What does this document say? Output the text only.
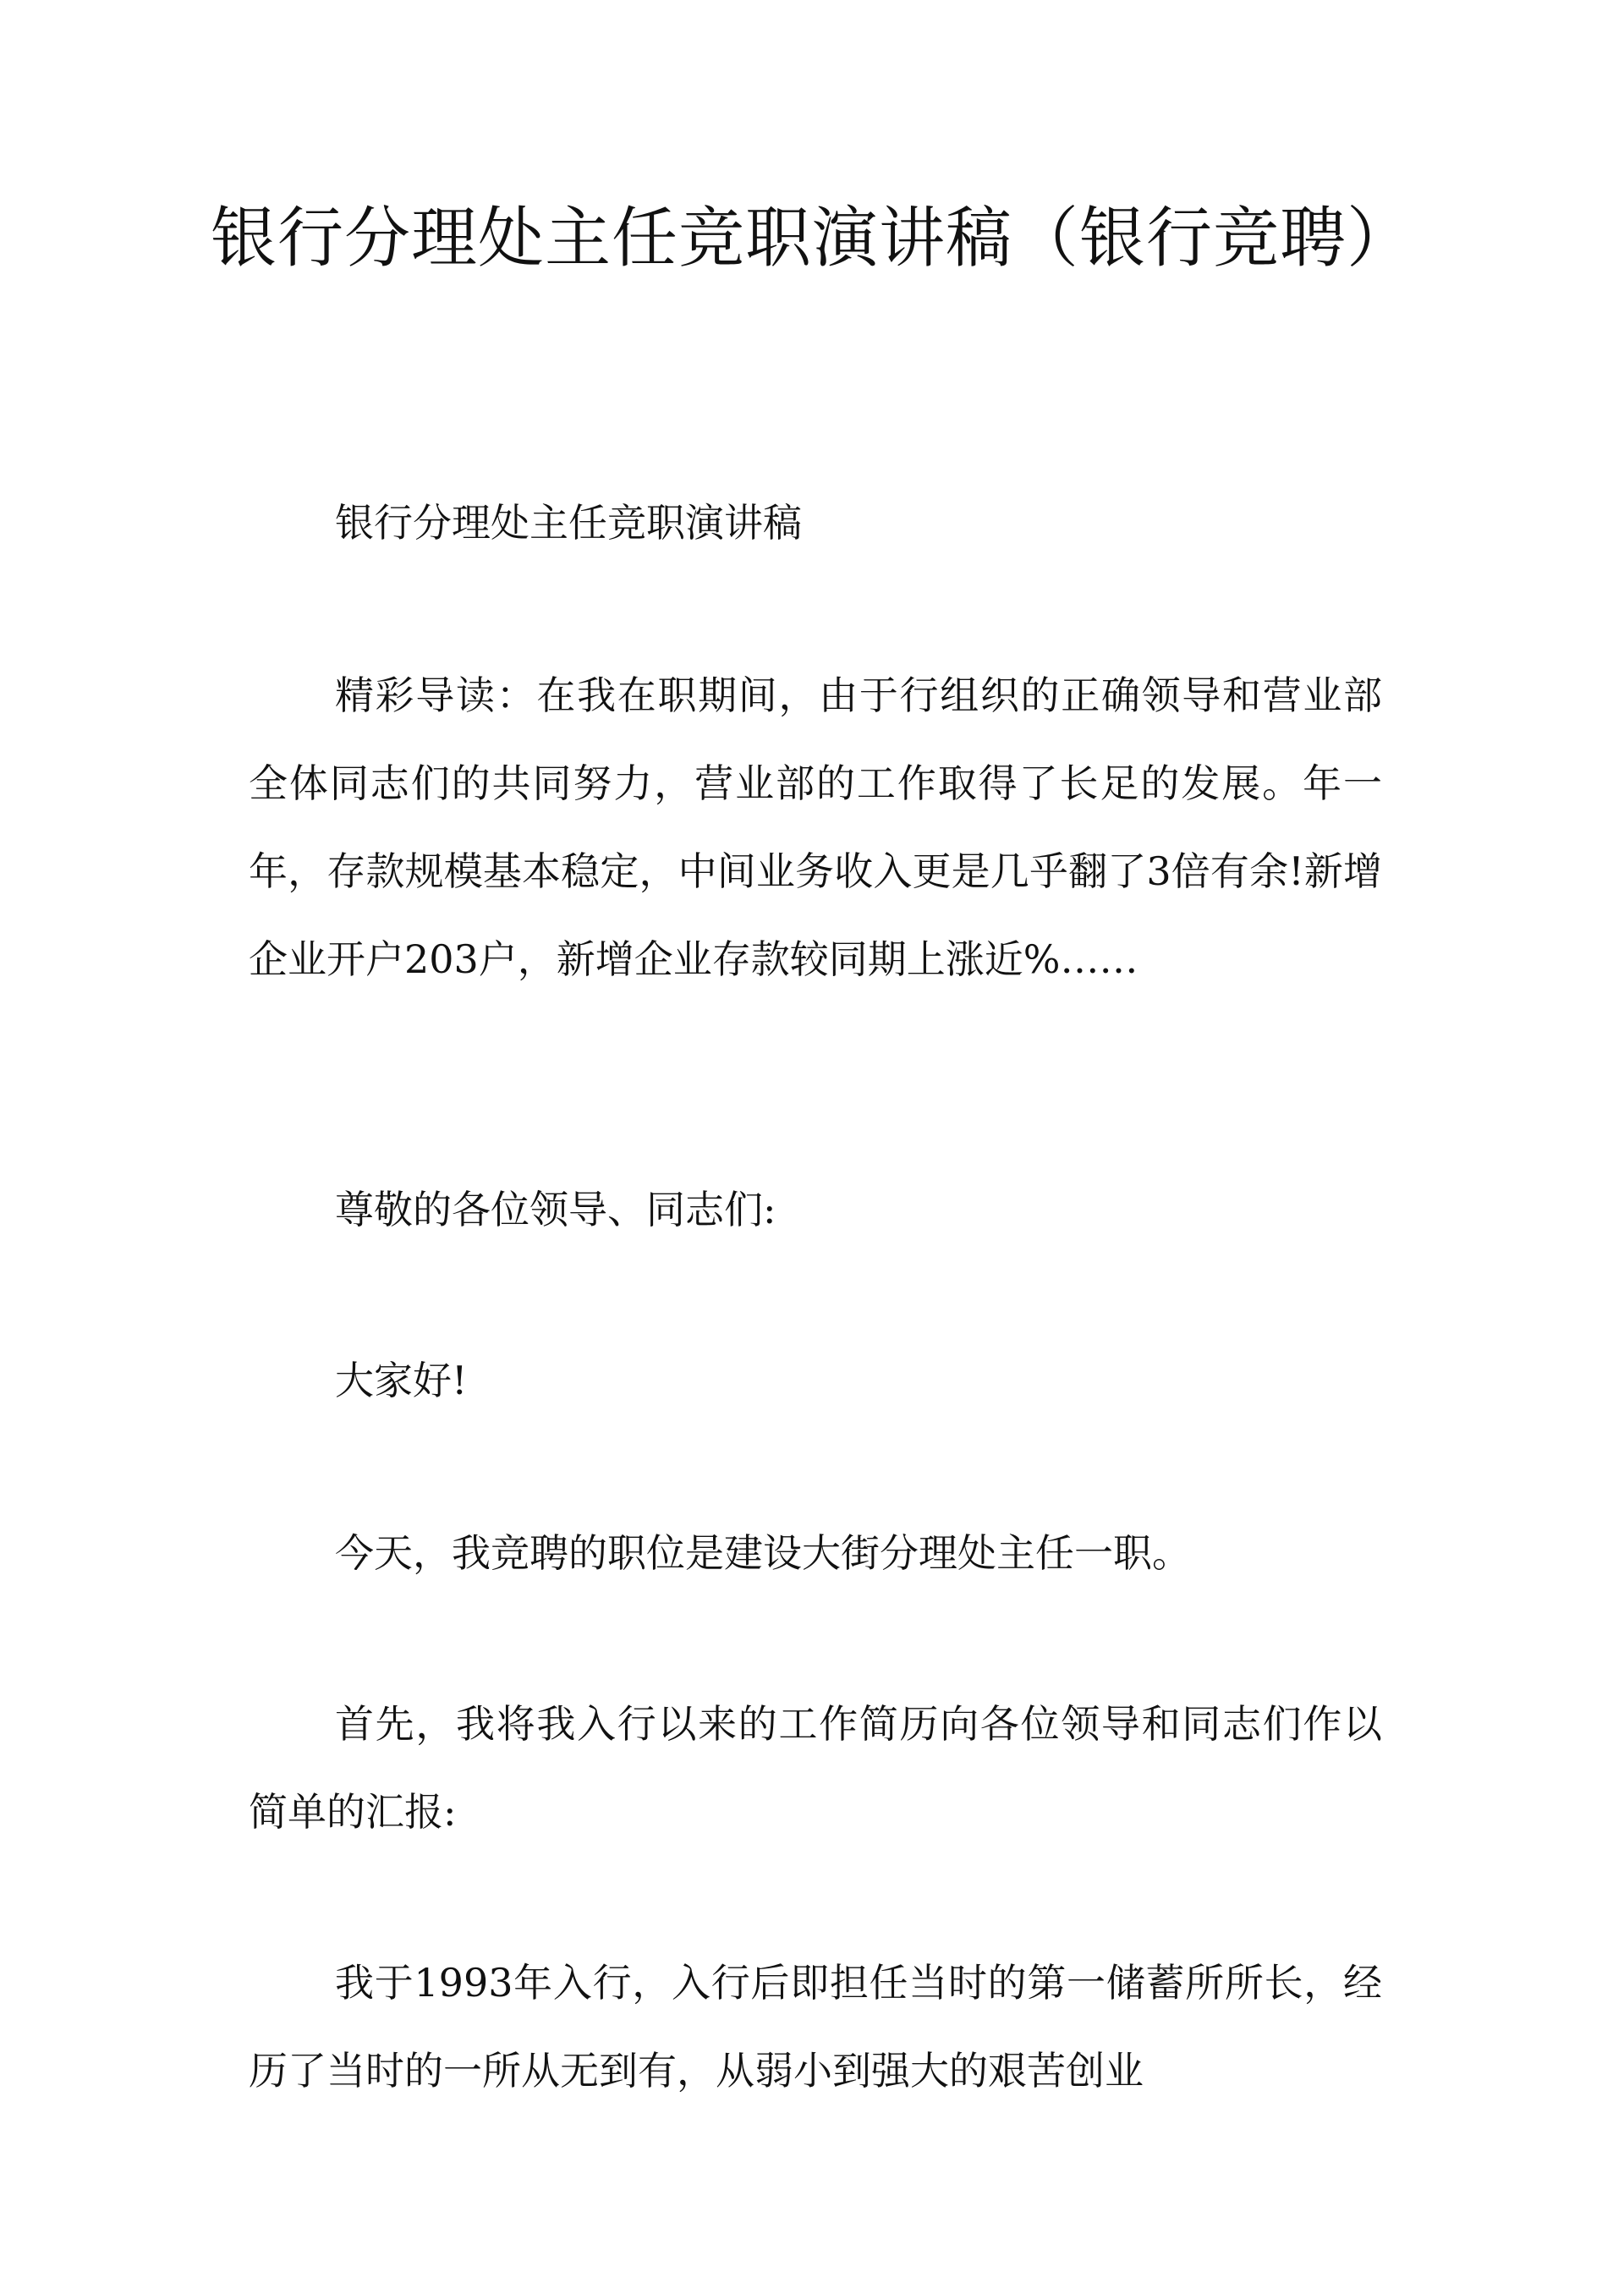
银行分理处主任竞职演讲稿（银行竞聘）

银行分理处主任竞职演讲稿

精彩导读：在我在职期间，由于行组织的正确领导和营业部全体同志们的共同努力，营业部的工作取得了长足的发展。年一年，存款规模基本稳定，中间业务收入更是几乎翻了3倍有余!新增企业开户203户，新增企业存款较同期上涨近%……

尊敬的各位领导、同志们:

大家好!

今天，我竞聘的职位是建设大街分理处主任一职。

首先，我将我入行以来的工作简历向各位领导和同志们作以简单的汇报:

我于1993年入行，入行后即担任当时的第一储蓄所所长，经历了当时的一所从无到有，从弱小到强大的艰苦创业
